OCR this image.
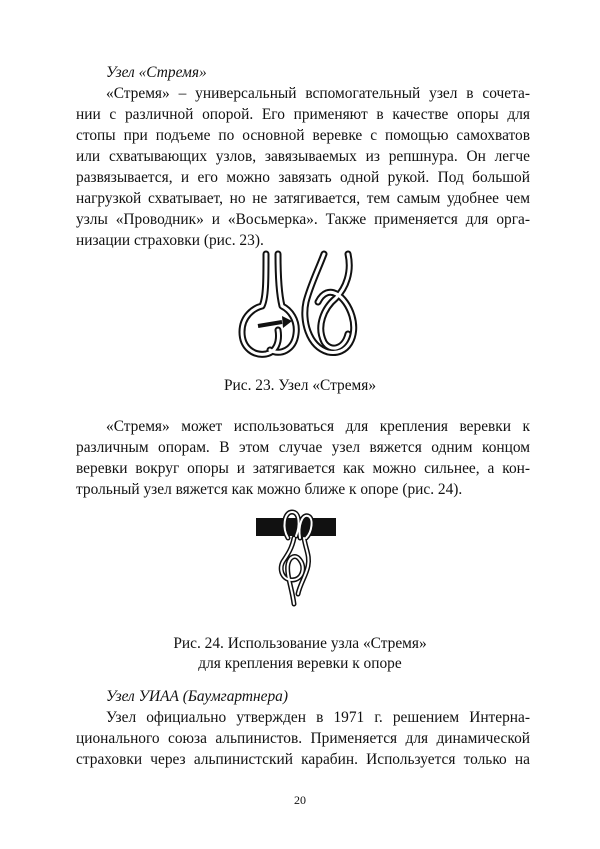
Узел «Стремя»
«Стремя» – универсальный вспомогательный узел в сочета-
нии с различной опорой. Его применяют в качестве опоры для
стопы при подъеме по основной веревке с помощью самохватов
или схватывающих узлов, завязываемых из репшнура. Он легче
развязывается, и его можно завязать одной рукой. Под большой
нагрузкой схватывает, но не затягивается, тем самым удобнее чем
узлы «Проводник» и «Восьмерка». Также применяется для орга-
низации страховки (рис. 23).
Рис. 23. Узел «Стремя»
«Стремя» может использоваться для крепления веревки к
различным опорам. В этом случае узел вяжется одним концом
веревки вокруг опоры и затягивается как можно сильнее, а кон-
трольный узел вяжется как можно ближе к опоре (рис. 24).
Рис. 24. Использование узла «Стремя»
для крепления веревки к опоре
Узел УИАА (Баумгартнера)
Узел официально утвержден в 1971 г. решением Интерна-
ционального союза альпинистов. Применяется для динамической
страховки через альпинистский карабин. Используется только на
20
